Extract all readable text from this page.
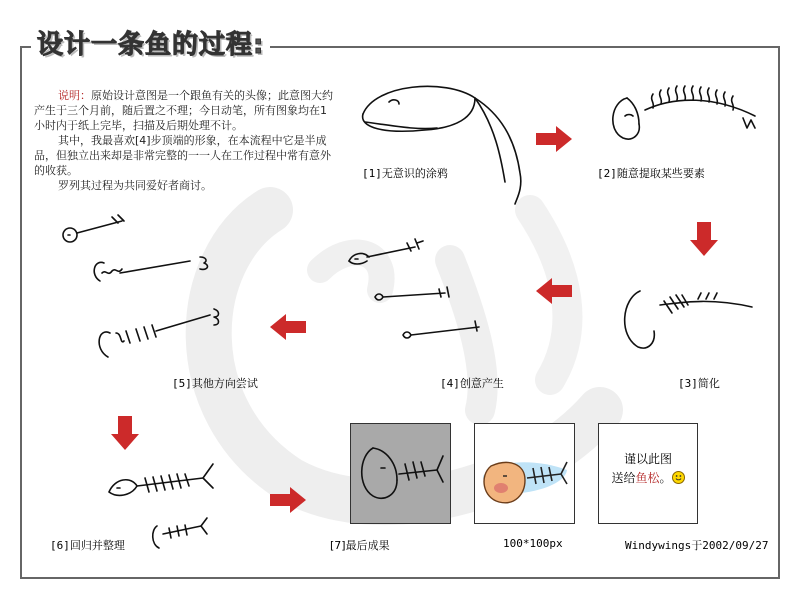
设计一条鱼的过程:

说明：原始设计意图是一个跟鱼有关的头像；此意图大约产生于三个月前，随后置之不理；今日动笔，所有图象均在1小时内于纸上完毕，扫描及后期处理不计。

其中，我最喜欢[4]步顶端的形象，在本流程中它是半成品，但独立出来却是非常完整的一一人在工作过程中常有意外的收获。

罗列其过程为共同爱好者商讨。

[1]无意识的涂鸦	[2]随意提取某些要素
[3]简化
[4]创意产生
[5]其他方向尝试
[6]回归并整理	[7]最后成果	100*100px
谨以此图
送给鱼松。
Windywings于2002/09/27
